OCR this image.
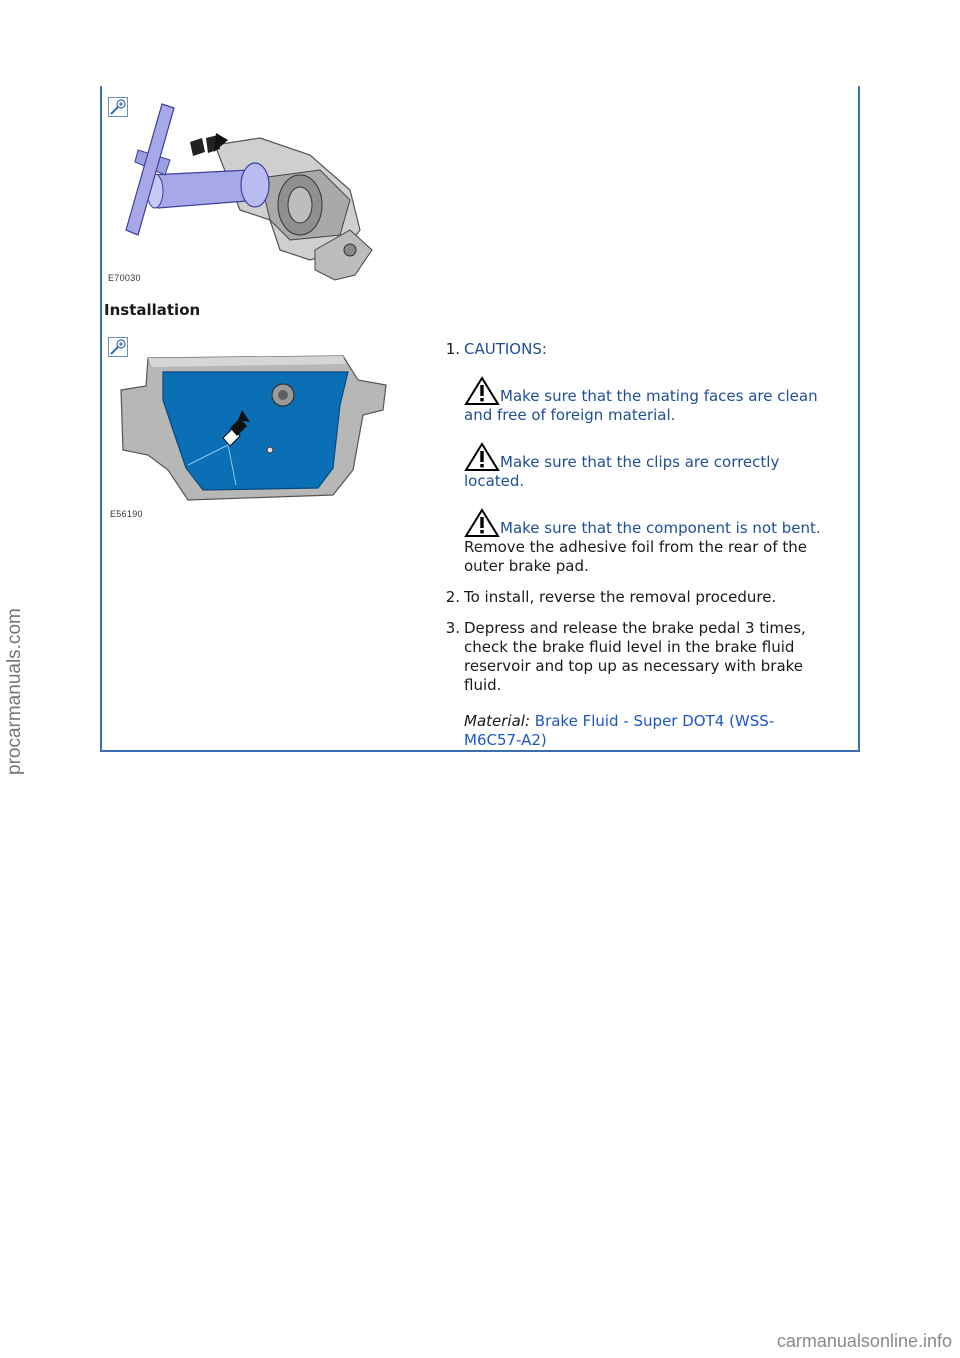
E70030
Installation
E56190
1. CAUTIONS:
Make sure that the mating faces are clean and free of foreign material.
Make sure that the clips are correctly located.
Make sure that the component is not bent.
Remove the adhesive foil from the rear of the outer brake pad.
2. To install, reverse the removal procedure.
3. Depress and release the brake pedal 3 times, check the brake fluid level in the brake fluid reservoir and top up as necessary with brake fluid.
Material: Brake Fluid - Super DOT4 (WSS-M6C57-A2)
procarmanuals.com
carmanualsonline.info
